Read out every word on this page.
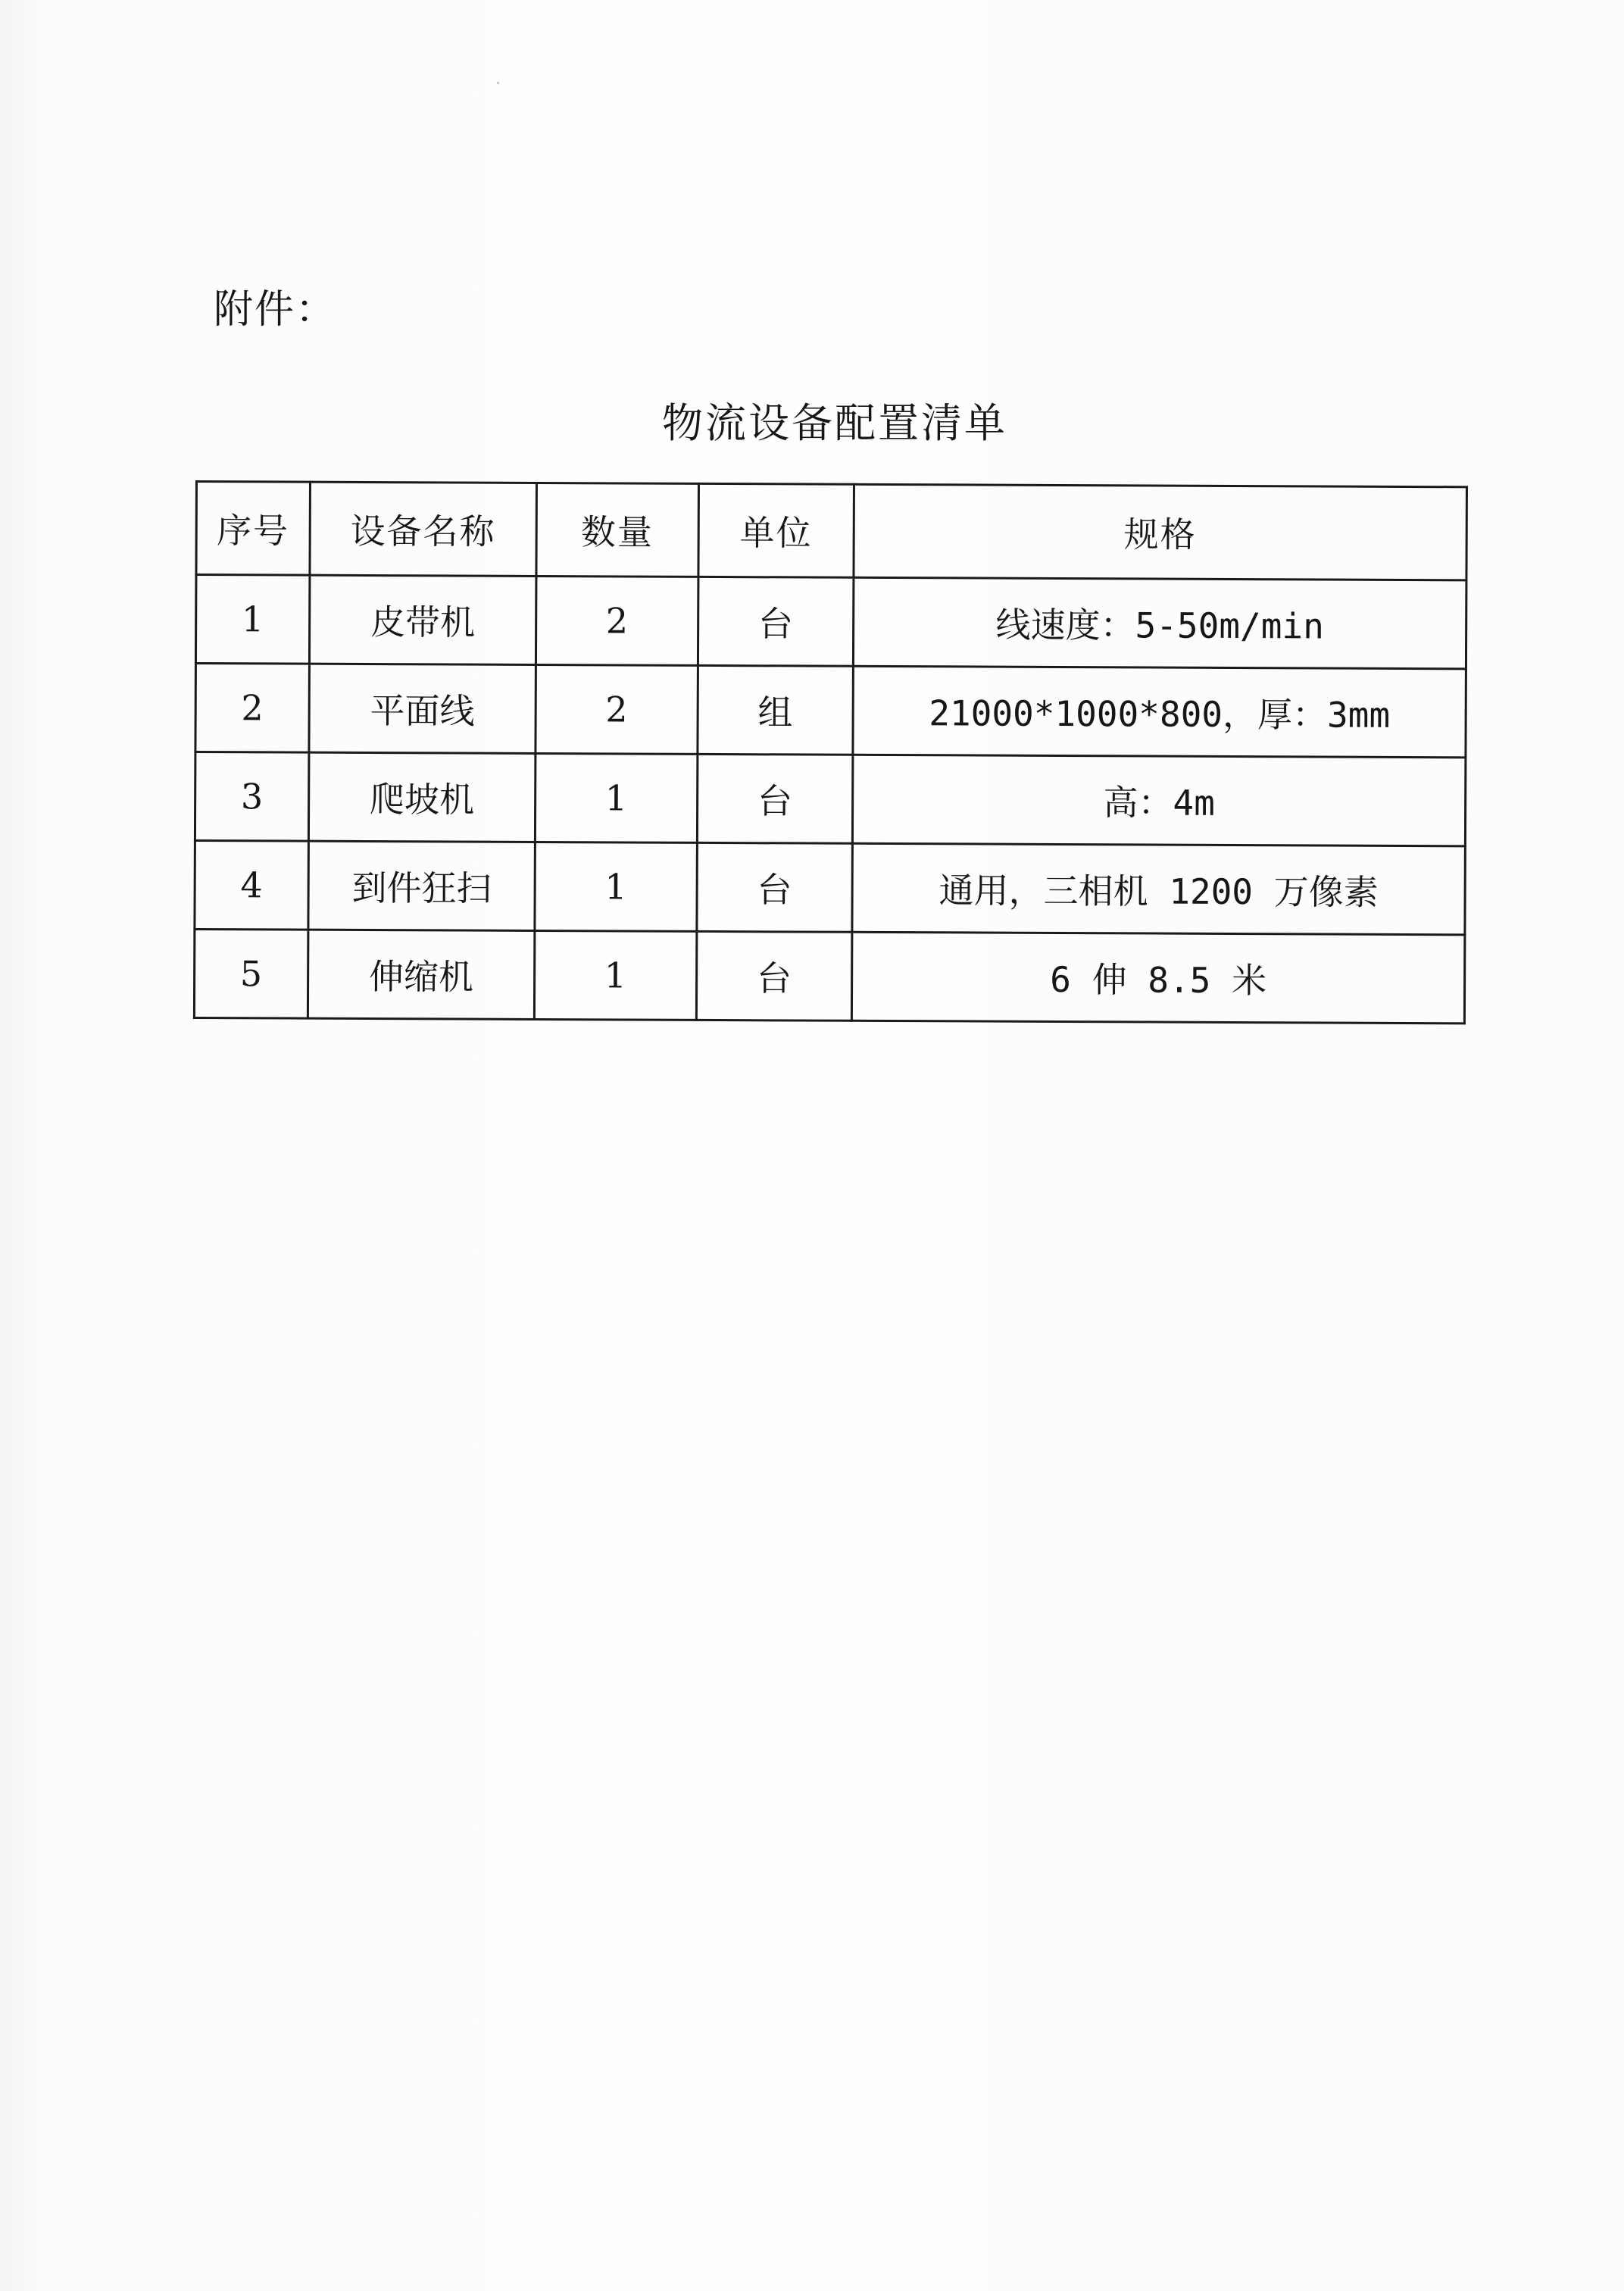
附件：
物流设备配置清单
序号	设备名称	数量	单位	规格
1	皮带机	2	台	线速度：5-50m/min
2	平面线	2	组	21000*1000*800，厚：3mm
3	爬坡机	1	台	高：4m
4	到件狂扫	1	台	通用，三相机 1200 万像素
5	伸缩机	1	台	6 伸 8.5 米
